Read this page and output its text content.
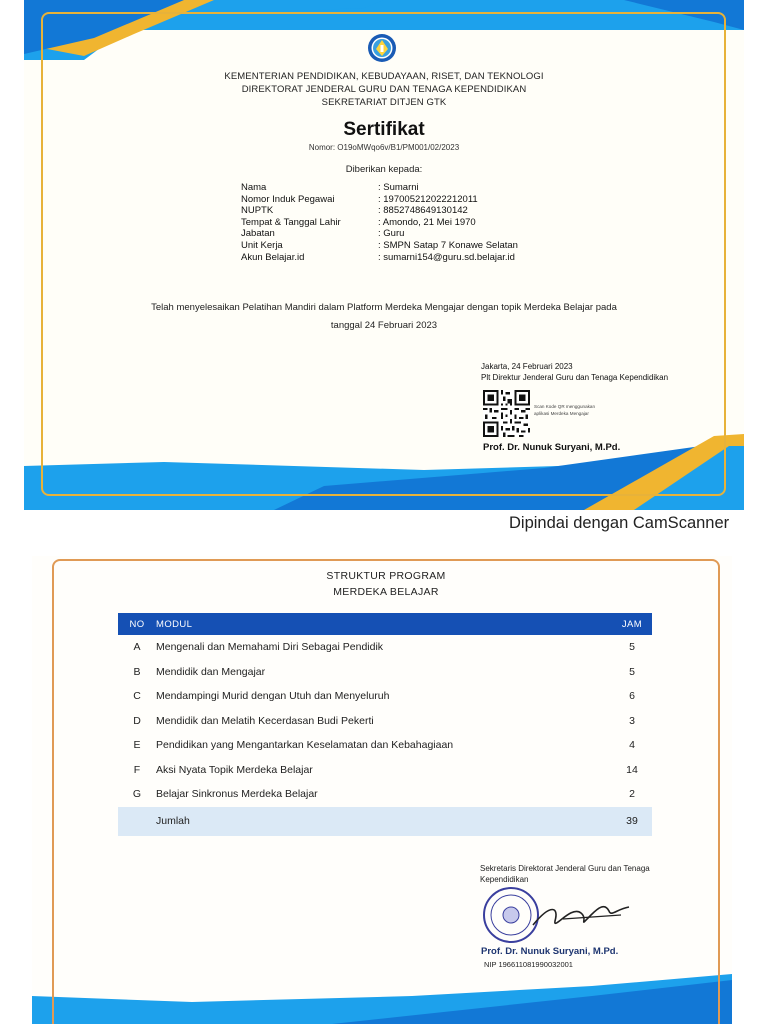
KEMENTERIAN PENDIDIKAN, KEBUDAYAAN, RISET, DAN TEKNOLOGI
DIREKTORAT JENDERAL GURU DAN TENAGA KEPENDIDIKAN
SEKRETARIAT DITJEN GTK
Sertifikat
Nomor: O19oMWqo6v/B1/PM001/02/2023
Diberikan kepada:
Nama	: Sumarni
Nomor Induk Pegawai	: 197005212022212011
NUPTK	: 8852748649130142
Tempat & Tanggal Lahir	: Amondo, 21 Mei 1970
Jabatan	: Guru
Unit Kerja	: SMPN Satap 7 Konawe Selatan
Akun Belajar.id	: sumarni154@guru.sd.belajar.id
Telah menyelesaikan Pelatihan Mandiri dalam Platform Merdeka Mengajar dengan topik Merdeka Belajar pada
tanggal 24 Februari 2023
Jakarta, 24 Februari 2023
Plt Direktur Jenderal Guru dan Tenaga Kependidikan
Scan Kode QR menggunakan
aplikasi Merdeka Mengajar
Prof. Dr. Nunuk Suryani, M.Pd.
Dipindai dengan CamScanner
STRUKTUR PROGRAM
MERDEKA BELAJAR
NO	MODUL	JAM
A	Mengenali dan Memahami Diri Sebagai Pendidik	5
B	Mendidik dan Mengajar	5
C	Mendampingi Murid dengan Utuh dan Menyeluruh	6
D	Mendidik dan Melatih Kecerdasan Budi Pekerti	3
E	Pendidikan yang Mengantarkan Keselamatan dan Kebahagiaan	4
F	Aksi Nyata Topik Merdeka Belajar	14
G	Belajar Sinkronus Merdeka Belajar	2
Jumlah	39
Sekretaris Direktorat Jenderal Guru dan Tenaga
Kependidikan
Prof. Dr. Nunuk Suryani, M.Pd.
NIP 196611081990032001
